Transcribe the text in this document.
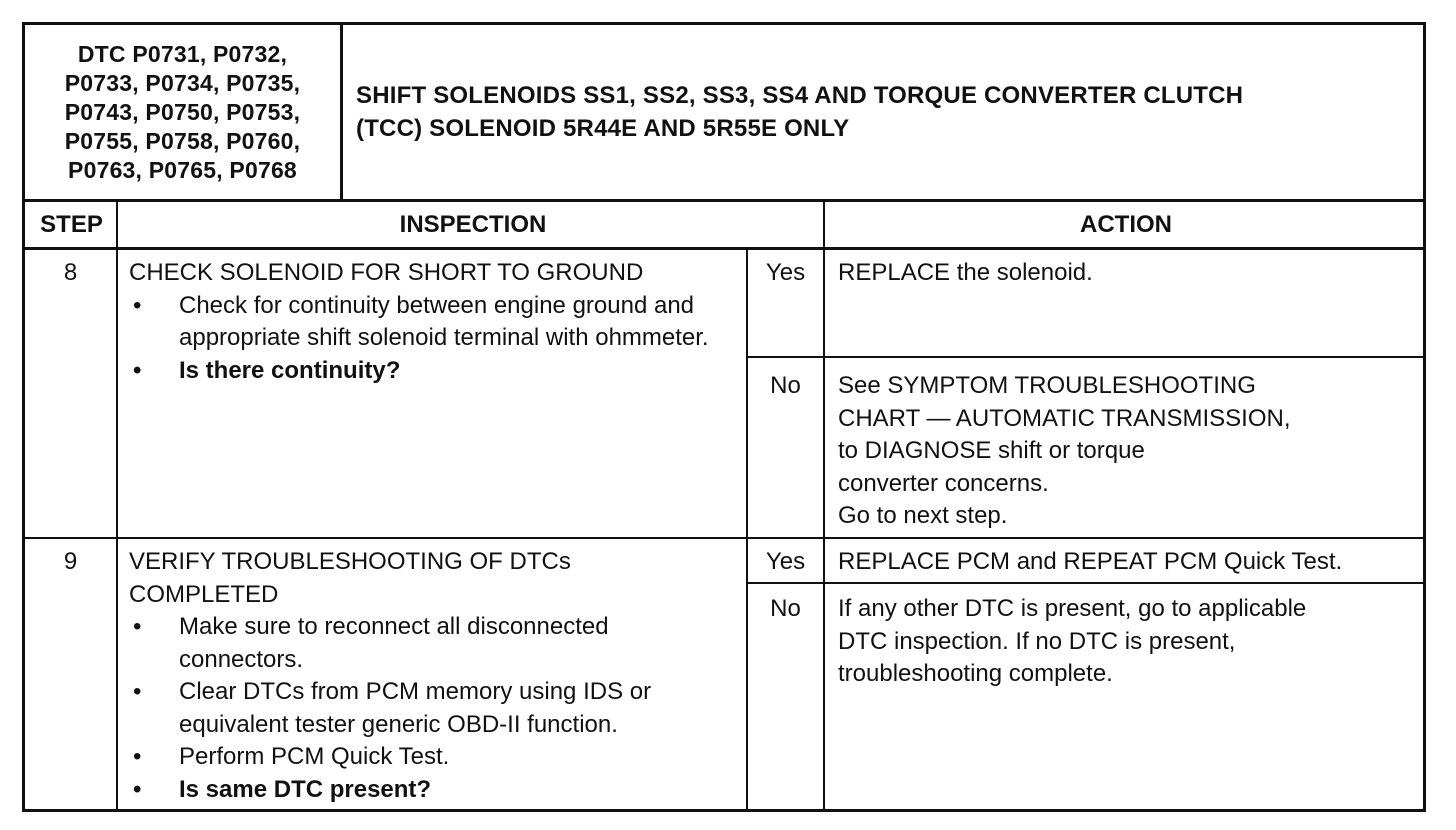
DTC P0731, P0732,
P0733, P0734, P0735,
P0743, P0750, P0753,
P0755, P0758, P0760,
P0763, P0765, P0768
SHIFT SOLENOIDS SS1, SS2, SS3, SS4 AND TORQUE CONVERTER CLUTCH
(TCC) SOLENOID 5R44E AND 5R55E ONLY
STEP	INSPECTION	ACTION
8	CHECK SOLENOID FOR SHORT TO GROUND
• Check for continuity between engine ground and appropriate shift solenoid terminal with ohmmeter.
• Is there continuity?
Yes	REPLACE the solenoid.
No	See SYMPTOM TROUBLESHOOTING
CHART — AUTOMATIC TRANSMISSION,
to DIAGNOSE shift or torque
converter concerns.
Go to next step.
9	VERIFY TROUBLESHOOTING OF DTCs
COMPLETED
• Make sure to reconnect all disconnected connectors.
• Clear DTCs from PCM memory using IDS or equivalent tester generic OBD-II function.
• Perform PCM Quick Test.
• Is same DTC present?
Yes	REPLACE PCM and REPEAT PCM Quick Test.
No	If any other DTC is present, go to applicable
DTC inspection. If no DTC is present,
troubleshooting complete.
